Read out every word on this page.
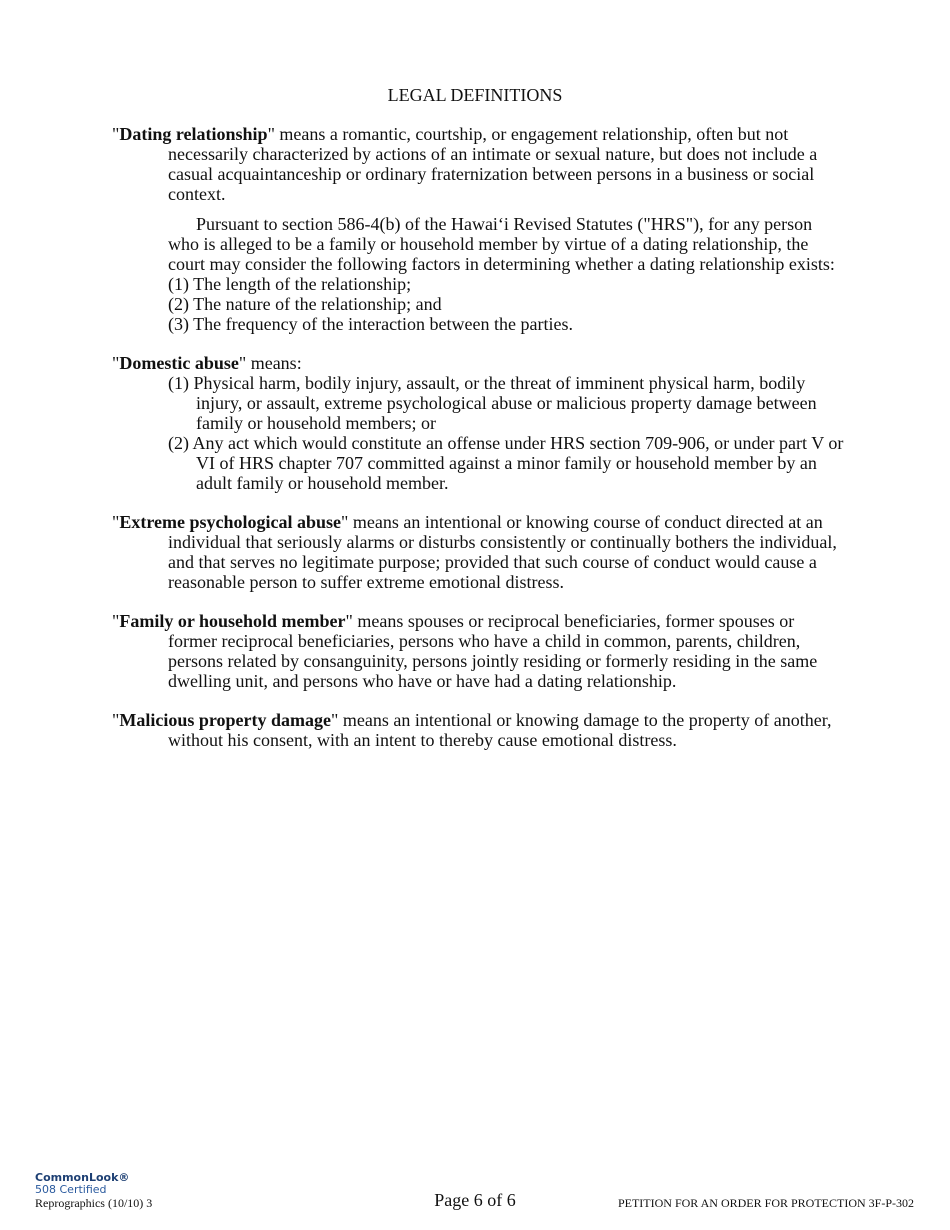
LEGAL DEFINITIONS

"Dating relationship" means a romantic, courtship, or engagement relationship, often but not necessarily characterized by actions of an intimate or sexual nature, but does not include a casual acquaintanceship or ordinary fraternization between persons in a business or social context.

Pursuant to section 586-4(b) of the Hawai‘i Revised Statutes ("HRS"), for any person who is alleged to be a family or household member by virtue of a dating relationship, the court may consider the following factors in determining whether a dating relationship exists:

(1) The length of the relationship;

(2) The nature of the relationship; and

(3) The frequency of the interaction between the parties.

"Domestic abuse" means:

(1) Physical harm, bodily injury, assault, or the threat of imminent physical harm, bodily injury, or assault, extreme psychological abuse or malicious property damage between family or household members; or

(2) Any act which would constitute an offense under HRS section 709-906, or under part V or VI of HRS chapter 707 committed against a minor family or household member by an adult family or household member.

"Extreme psychological abuse" means an intentional or knowing course of conduct directed at an individual that seriously alarms or disturbs consistently or continually bothers the individual, and that serves no legitimate purpose; provided that such course of conduct would cause a reasonable person to suffer extreme emotional distress.

"Family or household member" means spouses or reciprocal beneficiaries, former spouses or former reciprocal beneficiaries, persons who have a child in common, parents, children, persons related by consanguinity, persons jointly residing or formerly residing in the same dwelling unit, and persons who have or have had a dating relationship.

"Malicious property damage" means an intentional or knowing damage to the property of another, without his consent, with an intent to thereby cause emotional distress.

CommonLook®
508 Certified
Reprographics (10/10) 3	Page 6 of 6	PETITION FOR AN ORDER FOR PROTECTION 3F-P-302
